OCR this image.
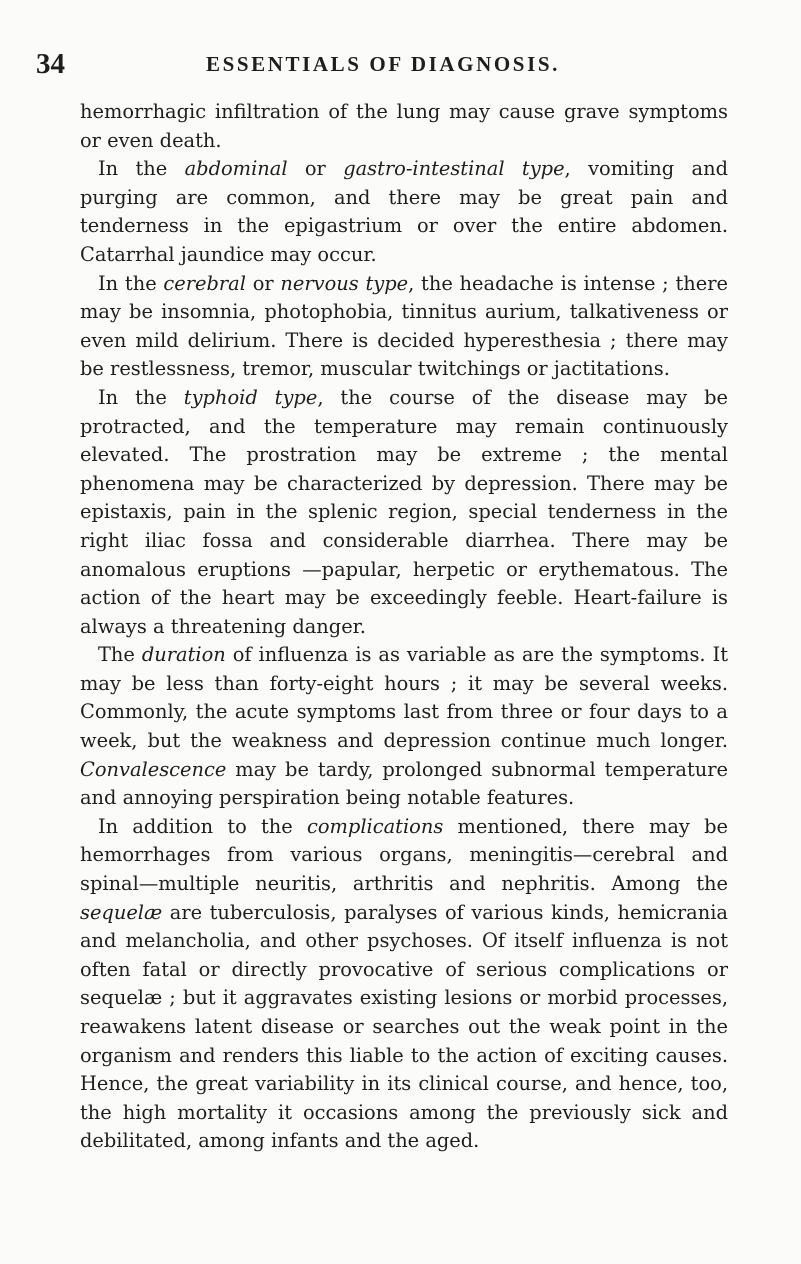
34	ESSENTIALS OF DIAGNOSIS.

hemorrhagic infiltration of the lung may cause grave symptoms or even death.

In the abdominal or gastro-intestinal type, vomiting and purging are common, and there may be great pain and tenderness in the epigastrium or over the entire abdomen. Catarrhal jaundice may occur.

In the cerebral or nervous type, the headache is intense ; there may be insomnia, photophobia, tinnitus aurium, talkativeness or even mild delirium. There is decided hyperesthesia ; there may be restlessness, tremor, muscular twitchings or jactitations.

In the typhoid type, the course of the disease may be protracted, and the temperature may remain continuously elevated. The prostration may be extreme ; the mental phenomena may be characterized by depression. There may be epistaxis, pain in the splenic region, special tenderness in the right iliac fossa and considerable diarrhea. There may be anomalous eruptions —papular, herpetic or erythematous. The action of the heart may be exceedingly feeble. Heart-failure is always a threatening danger.

The duration of influenza is as variable as are the symptoms. It may be less than forty-eight hours ; it may be several weeks. Commonly, the acute symptoms last from three or four days to a week, but the weakness and depression continue much longer. Convalescence may be tardy, prolonged subnormal temperature and annoying perspiration being notable features.

In addition to the complications mentioned, there may be hemorrhages from various organs, meningitis—cerebral and spinal—multiple neuritis, arthritis and nephritis. Among the sequelæ are tuberculosis, paralyses of various kinds, hemicrania and melancholia, and other psychoses. Of itself influenza is not often fatal or directly provocative of serious complications or sequelæ ; but it aggravates existing lesions or morbid processes, reawakens latent disease or searches out the weak point in the organism and renders this liable to the action of exciting causes. Hence, the great variability in its clinical course, and hence, too, the high mortality it occasions among the previously sick and debilitated, among infants and the aged.
